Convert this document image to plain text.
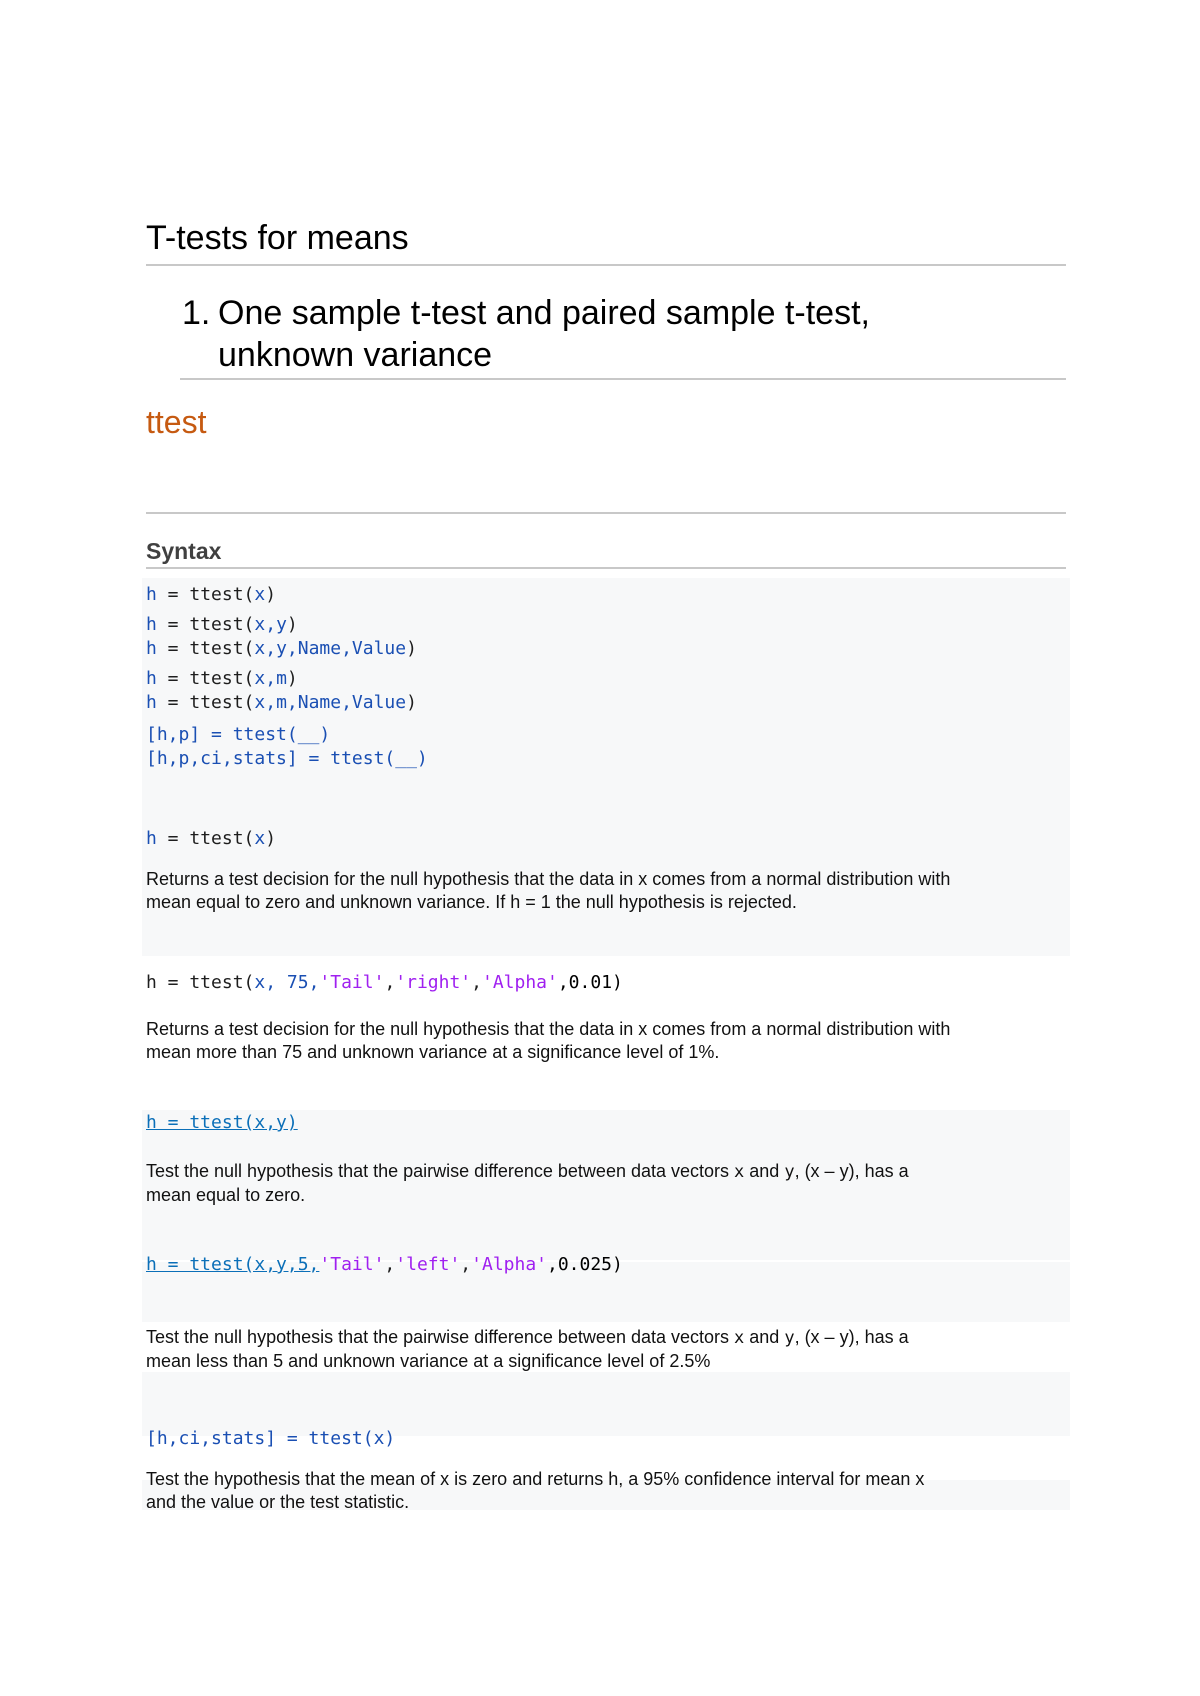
T-tests for means
1. One sample t-test and paired sample t-test,
unknown variance
ttest
Syntax
h = ttest(x)
h = ttest(x,y)
h = ttest(x,y,Name,Value)
h = ttest(x,m)
h = ttest(x,m,Name,Value)
[h,p] = ttest(__)
[h,p,ci,stats] = ttest(__)
h = ttest(x)
Returns a test decision for the null hypothesis that the data in x comes from a normal distribution with
mean equal to zero and unknown variance. If h = 1 the null hypothesis is rejected.
h = ttest(x, 75,'Tail','right','Alpha',0.01)
Returns a test decision for the null hypothesis that the data in x comes from a normal distribution with
mean more than 75 and unknown variance at a significance level of 1%.
h = ttest(x,y)
Test the null hypothesis that the pairwise difference between data vectors x and y, (x – y), has a
mean equal to zero.
h = ttest(x,y,5,'Tail','left','Alpha',0.025)
Test the null hypothesis that the pairwise difference between data vectors x and y, (x – y), has a
mean less than 5 and unknown variance at a significance level of 2.5%
[h,ci,stats] = ttest(x)
Test the hypothesis that the mean of x is zero and returns h, a 95% confidence interval for mean x
and the value or the test statistic.
